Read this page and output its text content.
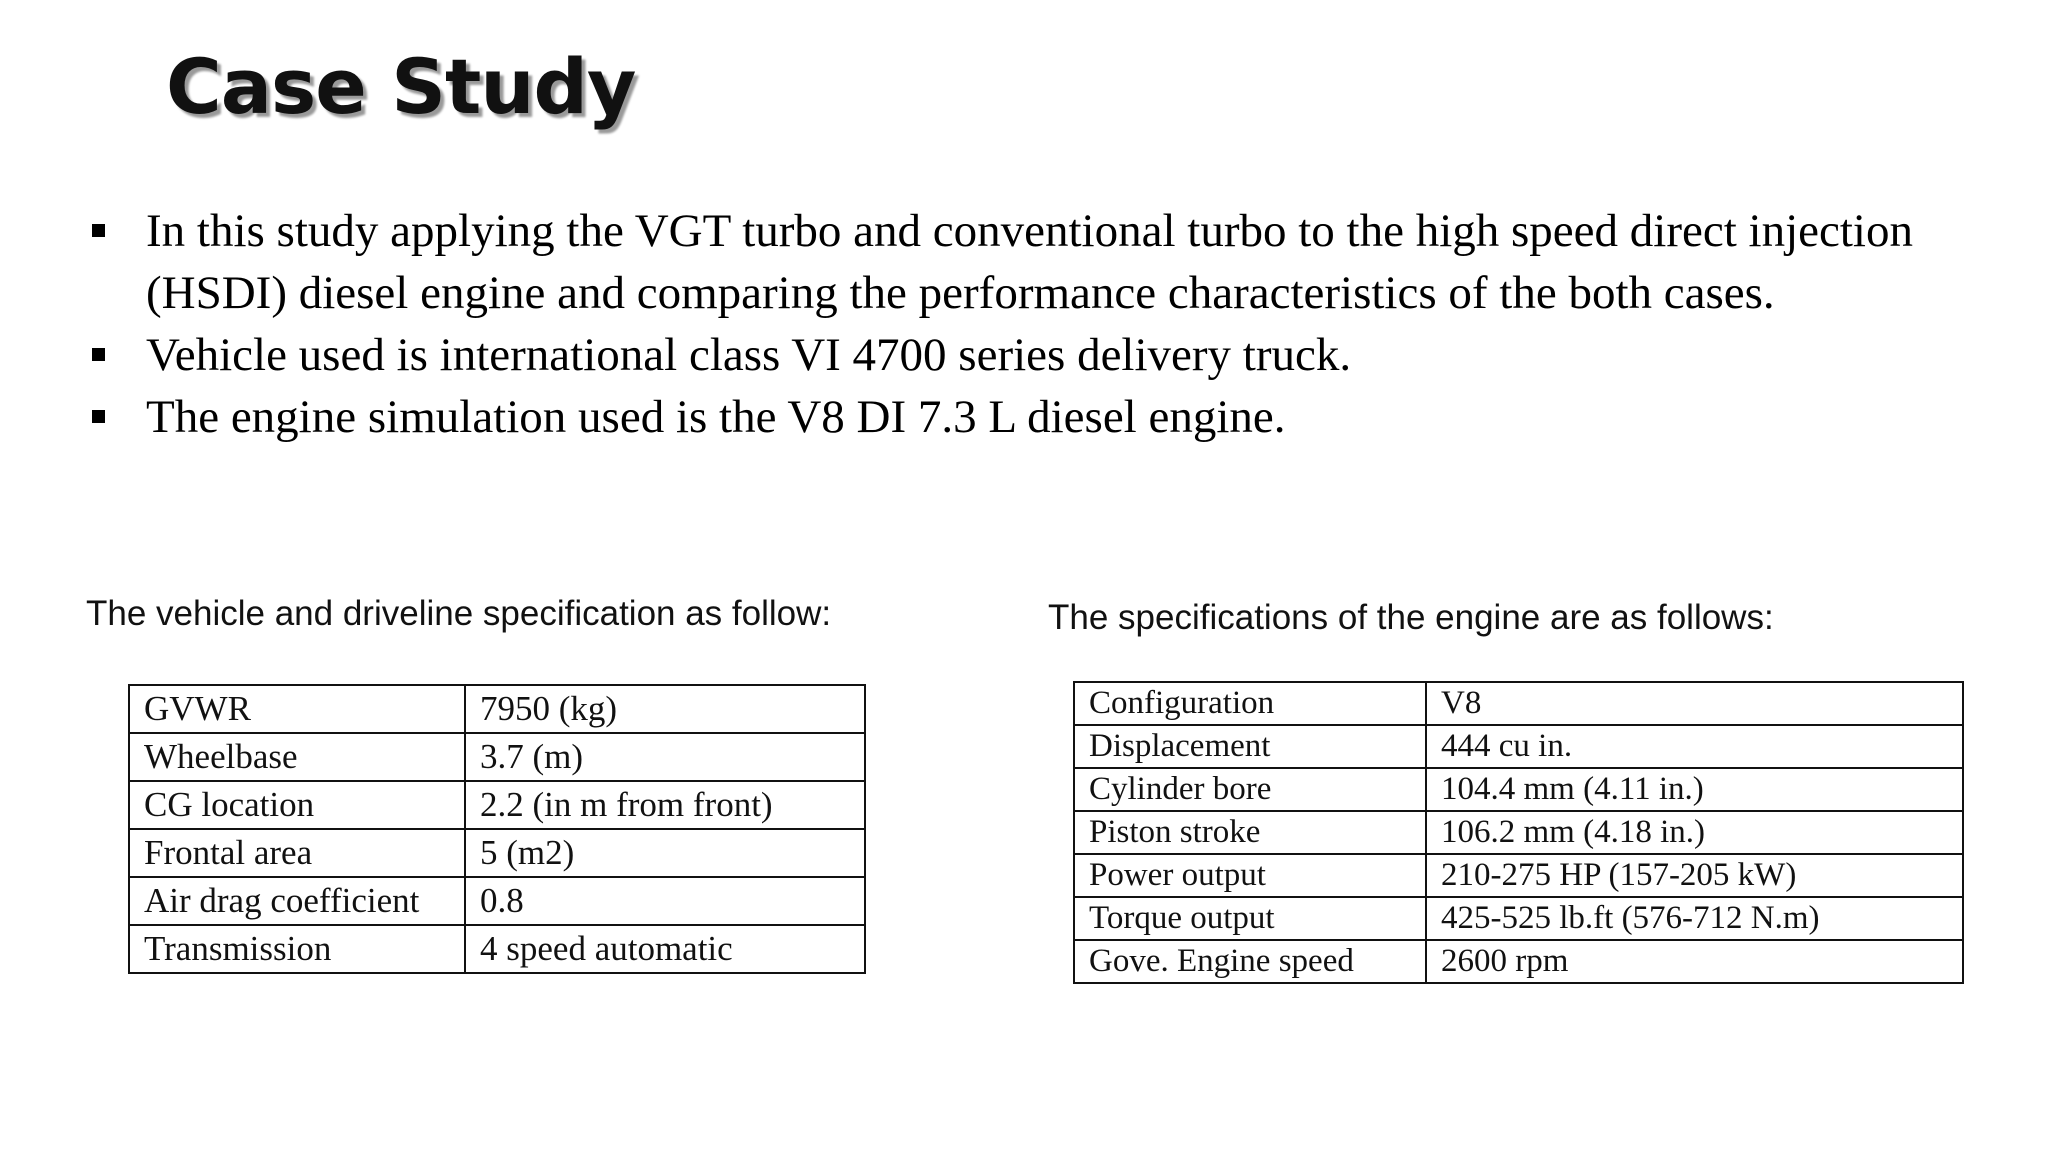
Case Study
In this study applying the VGT turbo and conventional turbo to the high speed direct injection (HSDI) diesel engine and comparing the performance characteristics of the both cases.
Vehicle used is international class VI 4700 series delivery truck.
The engine simulation used is the V8 DI 7.3 L diesel engine.
The vehicle and driveline specification as follow:	The specifications of the engine are as follows:
GVWR	7950 (kg)
Wheelbase	3.7 (m)
CG location	2.2 (in m from front)
Frontal area	5 (m2)
Air drag coefficient	0.8
Transmission	4 speed automatic
Configuration	V8
Displacement	444 cu in.
Cylinder bore	104.4 mm (4.11 in.)
Piston stroke	106.2 mm (4.18 in.)
Power output	210-275 HP (157-205 kW)
Torque output	425-525 lb.ft (576-712 N.m)
Gove. Engine speed	2600 rpm
